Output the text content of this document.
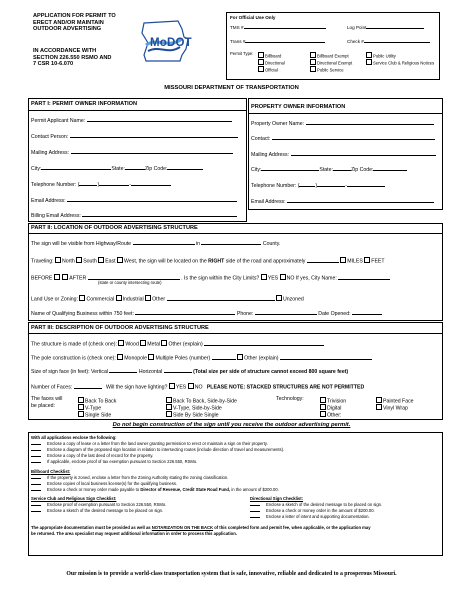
APPLICATION FOR PERMIT TO
ERECT AND/OR MAINTAIN
OUTDOOR ADVERTISING
IN ACCORDANCE WITH
SECTION 226.550 RSMO AND
7 CSR 10-6.070
MoDOT
For Official Use Only
TMS #	Log Point
Trans #	Check #
Permit Type:	Billboard	Billboard Exempt	Public Utility
Directional	Directional Exempt	Service Club & Religious Notices
Official	Public Service
MISSOURI DEPARTMENT OF TRANSPORTATION
PART I: PERMIT OWNER INFORMATION	PROPERTY OWNER INFORMATION
Permit Applicant Name:
Contact Person:
Mailing Address:
City:	State:	Zip Code:
Telephone Number: (	)	-
Email Address:
Billing Email Address:
Property Owner Name:
Contact:
Mailing Address:
City:	State:	Zip Code:
Telephone Number: (	)	-
Email Address:
PART II: LOCATION OF OUTDOOR ADVERTISING STRUCTURE
The sign will be visible from Highway/Route	in	County.
Traveling: North South East West, the sign will be located on the RIGHT side of the road and approximately	MILES FEET
BEFORE	AFTER	. Is the sign within the City Limits? YES NO If yes, City Name:
(state or county intersecting route)
Land Use or Zoning: Commercial Industrial Other	Unzoned
Name of Qualifying Business within 750 feet:	Phone:	Date Opened:
PART III: DESCRIPTION OF OUTDOOR ADVERTISING STRUCTURE
The structure is made of (check one): Wood Metal Other (explain)
The pole construction is (check one): Monopole Multiple Poles (number)	Other (explain)
Size of sign face (in feet): Vertical	Horizontal	(Total size per side of structure cannot exceed 800 square feet)
Number of Faces:	Will the sign have lighting? YES NO PLEASE NOTE: STACKED STRUCTURES ARE NOT PERMITTED
The faces will
be placed:
Back To Back
V-Type
Single Side
Back To Back, Side-by-Side
V-Type, Side-by-Side
Side By Side Single
Technology:	Trivision
Digital
Other:
Painted Face
Vinyl Wrap
Do not begin construction of the sign until you receive the outdoor advertising permit.
With all applications enclose the following:
Enclose a copy of lease or a letter from the land owner granting permission to erect or maintain a sign on their property.
Enclose a diagram of the proposed sign location in relation to intersecting routes (include direction of travel and measurements).
Enclose a copy of the last deed of record for the property.
If applicable, enclose proof of tax exemption pursuant to Section 226.550, RSMo.
Billboard Checklist:
If the property is zoned, enclose a letter from the Zoning Authority stating the zoning classification.
Enclose copies of local business license(s) for the qualifying business.
Enclose a check or money order made payable to Director of Revenue, Credit State Road Fund, in the amount of $200.00.
Service Club and Religious Sign Checklist:
Enclose proof of exemption pursuant to Section 226.550, RSMo.
Enclose a sketch of the desired message to be placed on sign.
Directional Sign Checklist:
Enclose a sketch of the desired message to be placed on sign.
Enclose a check or money order in the amount of $200.00.
Enclose a letter of intent and supporting documentation.
The appropriate documentation must be provided as well as NOTARIZATION ON THE BACK of this completed form and permit fee, when applicable, or the application may
be returned. The area specialist may request additional information in order to process this application.
Our mission is to provide a world-class transportation system that is safe, innovative, reliable and dedicated to a prosperous Missouri.
